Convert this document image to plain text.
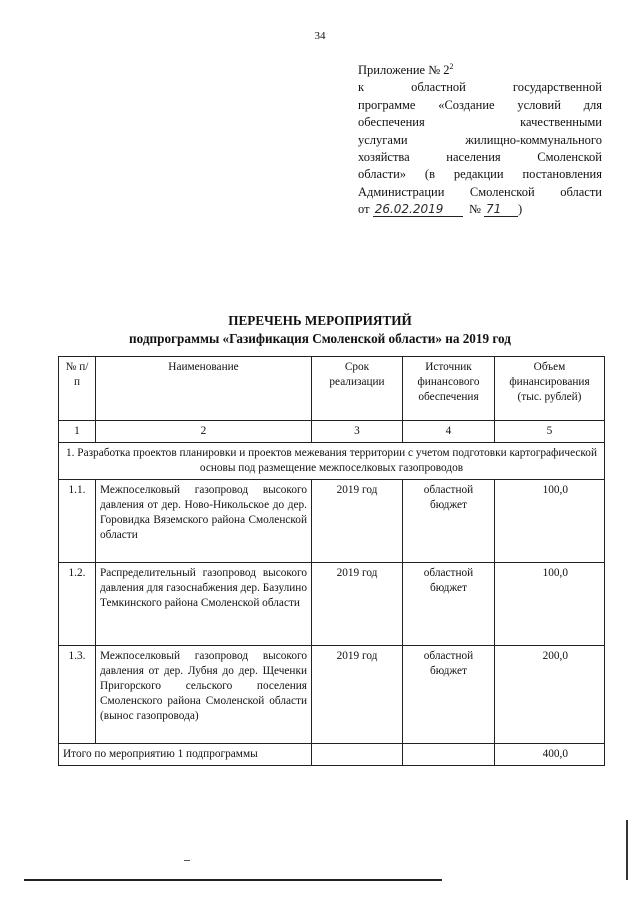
34
Приложение № $2^2$
к областной государственной
программе «Создание условий для
обеспечения качественными
услугами жилищно-коммунального
хозяйства населения Смоленской
области» (в редакции постановления
Администрации Смоленской области
от 26.02.2019 № 71 )
ПЕРЕЧЕНЬ МЕРОПРИЯТИЙ
подпрограммы «Газификация Смоленской области» на 2019 год
№ п/п	Наименование	Срок реализации	Источник финансового обеспечения	Объем финансирования (тыс. рублей)
1	2	3	4	5
1. Разработка проектов планировки и проектов межевания территории с учетом подготовки картографической основы под размещение межпоселковых газопроводов				
1.1.	Межпоселковый газопровод высокого давления от дер. Ново-Никольское до дер. Горовидка Вяземского района Смоленской области	2019 год	областной бюджет	100,0
1.2.	Распределительный газопровод высокого давления для газоснабжения дер. Базулино Темкинского района Смоленской области	2019 год	областной бюджет	100,0
1.3.	Межпоселковый газопровод высокого давления от дер. Лубня до дер. Щеченки Пригорского сельского поселения Смоленского района Смоленской области (вынос газопровода)	2019 год	областной бюджет	200,0
Итого по мероприятию 1 подпрограммы				400,0
